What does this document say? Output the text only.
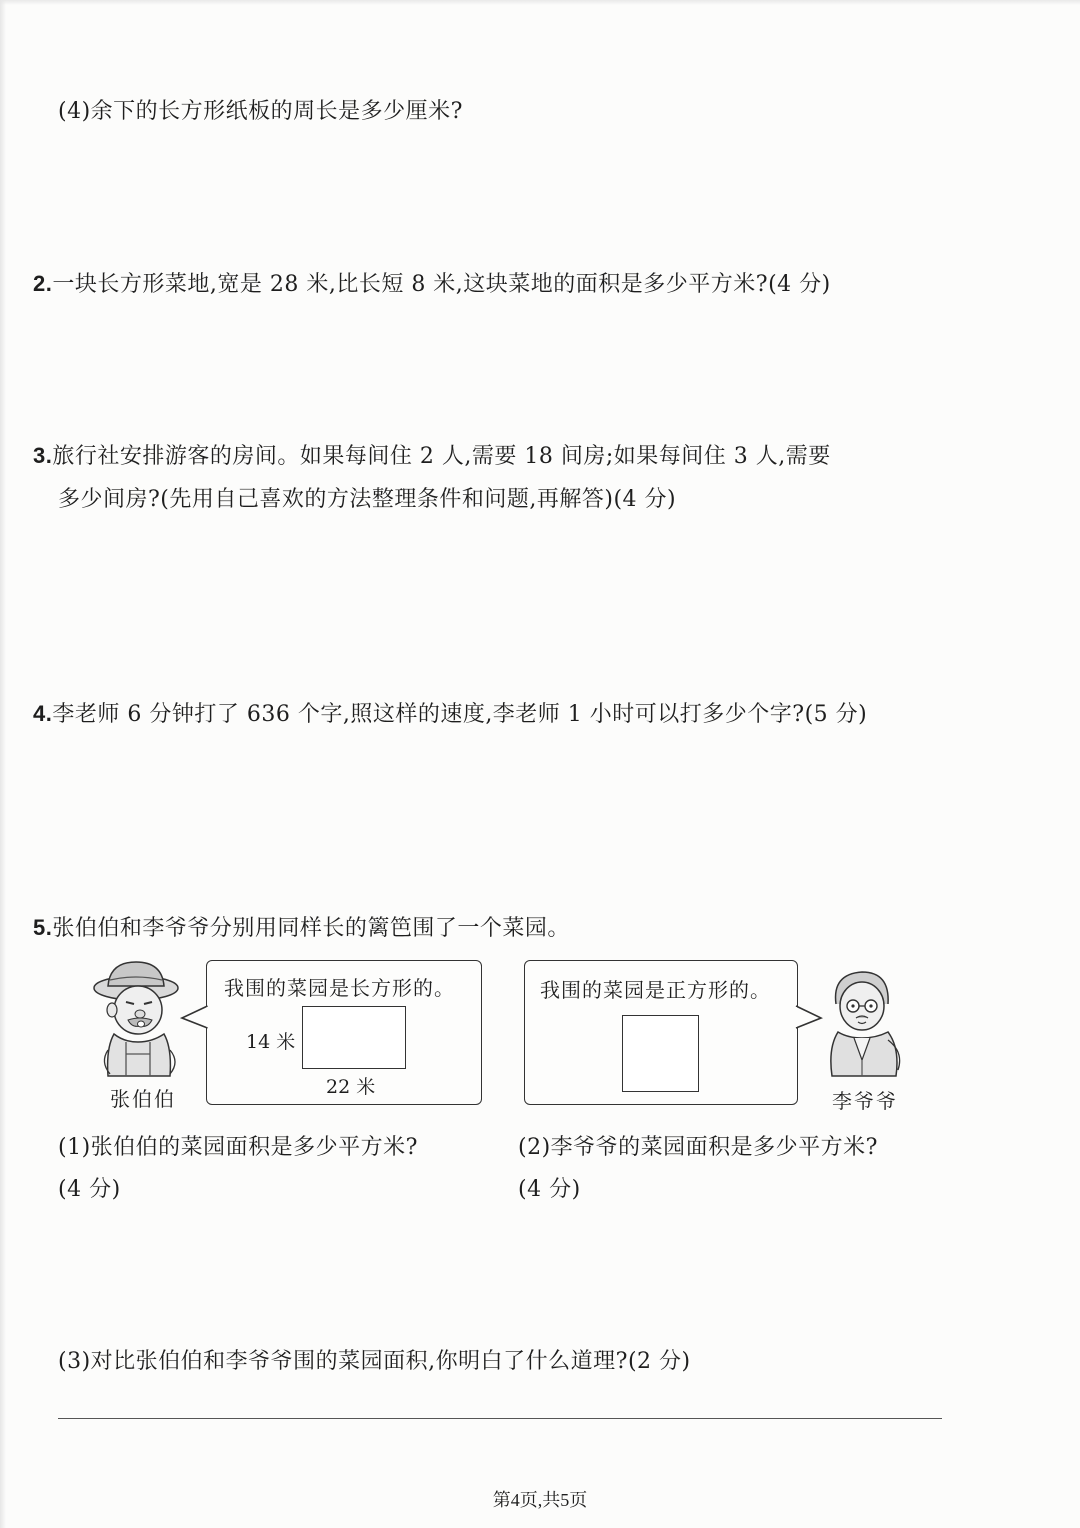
(4)余下的长方形纸板的周长是多少厘米?
2.一块长方形菜地,宽是 28 米,比长短 8 米,这块菜地的面积是多少平方米?(4 分)
3.旅行社安排游客的房间。如果每间住 2 人,需要 18 间房;如果每间住 3 人,需要
多少间房?(先用自己喜欢的方法整理条件和问题,再解答)(4 分)
4.李老师 6 分钟打了 636 个字,照这样的速度,李老师 1 小时可以打多少个字?(5 分)
5.张伯伯和李爷爷分别用同样长的篱笆围了一个菜园。
张伯伯
我围的菜园是长方形的。
14 米
22 米
我围的菜园是正方形的。
李爷爷
(1)张伯伯的菜园面积是多少平方米?
(4 分)
(2)李爷爷的菜园面积是多少平方米?
(4 分)
(3)对比张伯伯和李爷爷围的菜园面积,你明白了什么道理?(2 分)
第4页,共5页
